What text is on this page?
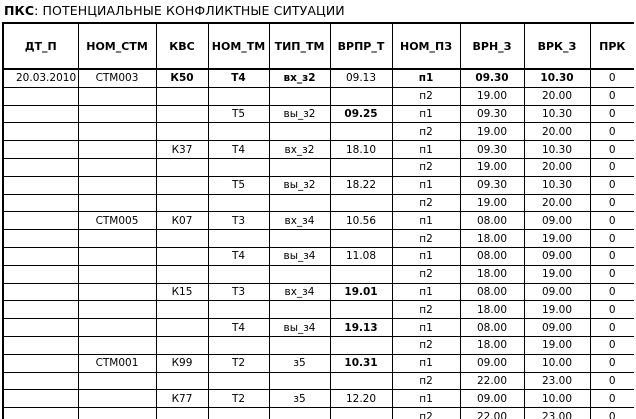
ПКС: ПОТЕНЦИАЛЬНЫЕ КОНФЛИКТНЫЕ СИТУАЦИИ
ДТ_П	НОМ_СТМ	КВС	НОМ_ТМ	ТИП_ТМ	ВРПР_Т	НОМ_ПЗ	ВРН_З	ВРК_З	ПРК
20.03.2010	СТМ003	К50	Т4	вх_з2	09.13	п1	09.30	10.30	0
						п2	19.00	20.00	0
			Т5	вы_з2	09.25	п1	09.30	10.30	0
						п2	19.00	20.00	0
		К37	Т4	вх_з2	18.10	п1	09.30	10.30	0
						п2	19.00	20.00	0
			Т5	вы_з2	18.22	п1	09.30	10.30	0
						п2	19.00	20.00	0
	СТМ005	К07	Т3	вх_з4	10.56	п1	08.00	09.00	0
						п2	18.00	19.00	0
			Т4	вы_з4	11.08	п1	08.00	09.00	0
						п2	18.00	19.00	0
		К15	Т3	вх_з4	19.01	п1	08.00	09.00	0
						п2	18.00	19.00	0
			Т4	вы_з4	19.13	п1	08.00	09.00	0
						п2	18.00	19.00	0
	СТМ001	К99	Т2	з5	10.31	п1	09.00	10.00	0
						п2	22.00	23.00	0
		К77	Т2	з5	12.20	п1	09.00	10.00	0
						п2	22.00	23.00	0
